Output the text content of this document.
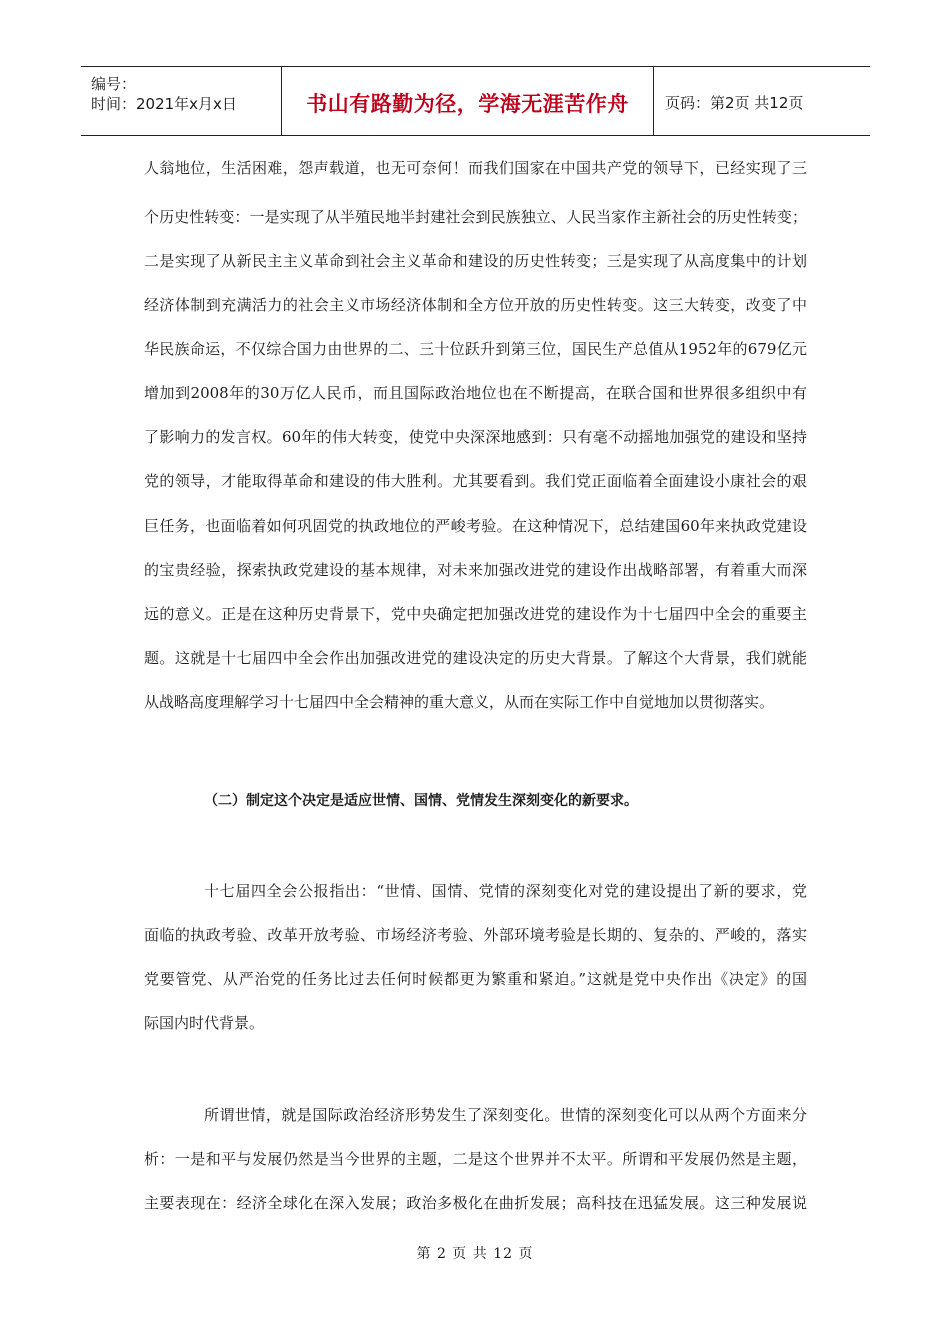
编号：
时间：2021年x月x日	书山有路勤为径，学海无涯苦作舟	页码：第2页 共12页
人翁地位，生活困难，怨声载道，也无可奈何！而我们国家在中国共产党的领导下，已经实现了三
个历史性转变：一是实现了从半殖民地半封建社会到民族独立、人民当家作主新社会的历史性转变；
二是实现了从新民主主义革命到社会主义革命和建设的历史性转变；三是实现了从高度集中的计划
经济体制到充满活力的社会主义市场经济体制和全方位开放的历史性转变。这三大转变，改变了中
华民族命运，不仅综合国力由世界的二、三十位跃升到第三位，国民生产总值从1952年的679亿元
增加到2008年的30万亿人民币，而且国际政治地位也在不断提高，在联合国和世界很多组织中有
了影响力的发言权。60年的伟大转变，使党中央深深地感到：只有毫不动摇地加强党的建设和坚持
党的领导，才能取得革命和建设的伟大胜利。尤其要看到。我们党正面临着全面建设小康社会的艰
巨任务，也面临着如何巩固党的执政地位的严峻考验。在这种情况下，总结建国60年来执政党建设
的宝贵经验，探索执政党建设的基本规律，对未来加强改进党的建设作出战略部署，有着重大而深
远的意义。正是在这种历史背景下，党中央确定把加强改进党的建设作为十七届四中全会的重要主
题。这就是十七届四中全会作出加强改进党的建设决定的历史大背景。了解这个大背景，我们就能
从战略高度理解学习十七届四中全会精神的重大意义，从而在实际工作中自觉地加以贯彻落实。
（二）制定这个决定是适应世情、国情、党情发生深刻变化的新要求。
十七届四全会公报指出：“世情、国情、党情的深刻变化对党的建设提出了新的要求，党
面临的执政考验、改革开放考验、市场经济考验、外部环境考验是长期的、复杂的、严峻的，落实
党要管党、从严治党的任务比过去任何时候都更为繁重和紧迫。”这就是党中央作出《决定》的国
际国内时代背景。
所谓世情，就是国际政治经济形势发生了深刻变化。世情的深刻变化可以从两个方面来分
析：一是和平与发展仍然是当今世界的主题，二是这个世界并不太平。所谓和平发展仍然是主题，
主要表现在：经济全球化在深入发展；政治多极化在曲折发展；高科技在迅猛发展。这三种发展说
第 2 页 共 12 页
